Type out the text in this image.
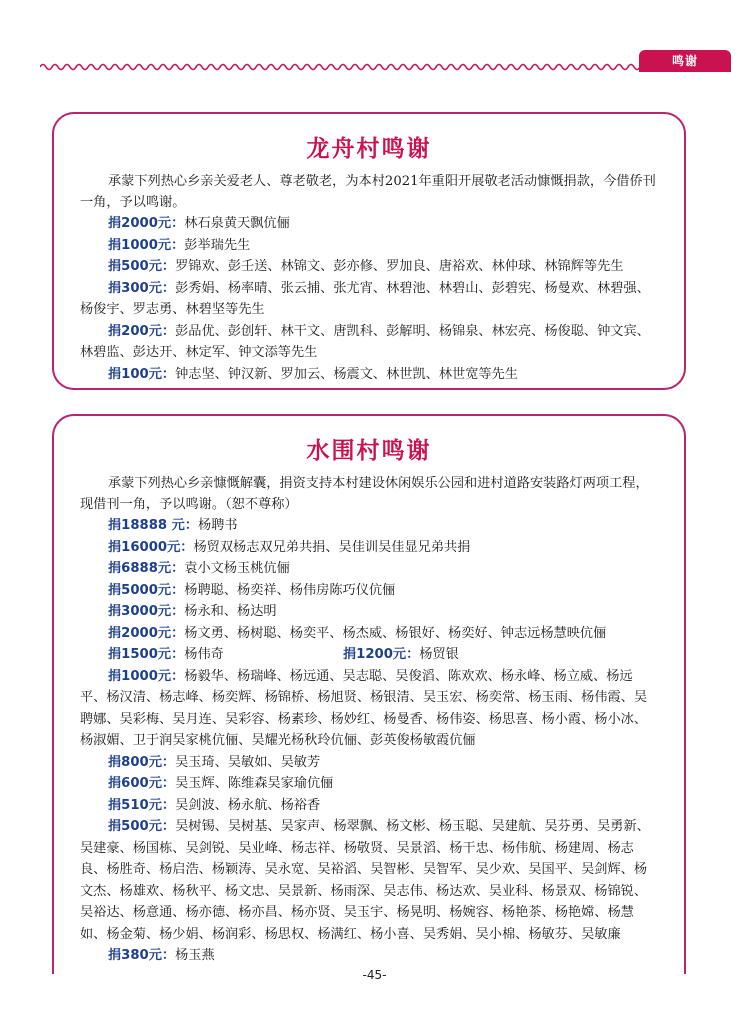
鸣谢
龙舟村鸣谢
承蒙下列热心乡亲关爱老人、尊老敬老，为本村2021年重阳开展敬老活动慷慨捐款，今借侨刊一角，予以鸣谢。
捐2000元：林石泉黄天飘伉俪
捐1000元：彭举瑞先生
捐500元：罗锦欢、彭壬送、林锦文、彭亦修、罗加良、唐裕欢、林仲球、林锦辉等先生
捐300元：彭秀娟、杨率晴、张云捕、张尤宵、林碧池、林碧山、彭碧宪、杨曼欢、林碧强、杨俊宇、罗志勇、林碧坚等先生
捐200元：彭品优、彭创轩、林干文、唐凯科、彭解明、杨锦泉、林宏亮、杨俊聪、钟文宾、林碧监、彭达开、林定军、钟文添等先生
捐100元：钟志坚、钟汉新、罗加云、杨震文、林世凯、林世宽等先生
水围村鸣谢
承蒙下列热心乡亲慷慨解囊，捐资支持本村建设休闲娱乐公园和进村道路安装路灯两项工程，现借刊一角，予以鸣谢。（恕不尊称）
捐18888 元：杨聘书
捐16000元：杨贸双杨志双兄弟共捐、吴佳训吴佳显兄弟共捐
捐6888元：袁小文杨玉桃伉俪
捐5000元：杨聘聪、杨奕祥、杨伟房陈巧仪伉俪
捐3000元：杨永和、杨达明
捐2000元：杨文勇、杨树聪、杨奕平、杨杰威、杨银好、杨奕好、钟志远杨慧映伉俪
捐1500元：杨伟奇	捐1200元：杨贸银
捐1000元：杨毅华、杨瑞峰、杨远通、吴志聪、吴俊滔、陈欢欢、杨永峰、杨立威、杨远平、杨汉清、杨志峰、杨奕辉、杨锦桥、杨旭贤、杨银清、吴玉宏、杨奕常、杨玉雨、杨伟霞、吴聘娜、吴彩梅、吴月连、吴彩容、杨素珍、杨妙红、杨曼香、杨伟姿、杨思喜、杨小霞、杨小冰、杨淑媚、卫于润吴家桃伉俪、吴耀光杨秋玲伉俪、彭英俊杨敏霞伉俪
捐800元：吴玉琦、吴敏如、吴敏芳
捐600元：吴玉辉、陈维森吴家瑜伉俪
捐510元：吴剑波、杨永航、杨裕香
捐500元：吴树锡、吴树基、吴家声、杨翠飘、杨文彬、杨玉聪、吴建航、吴芬勇、吴勇新、吴建豪、杨国栋、吴剑锐、吴业峰、杨志祥、杨敬贤、吴景滔、杨干忠、杨伟航、杨建周、杨志良、杨胜奇、杨启浩、杨颖涛、吴永宽、吴裕滔、吴智彬、吴智军、吴少欢、吴国平、吴剑辉、杨文杰、杨雄欢、杨秋平、杨文忠、吴景新、杨雨深、吴志伟、杨达欢、吴业科、杨景双、杨锦锐、吴裕达、杨意通、杨亦德、杨亦昌、杨亦贤、吴玉宇、杨晃明、杨婉容、杨艳茶、杨艳嫦、杨慧如、杨金菊、杨少娟、杨润彩、杨思权、杨满红、杨小喜、吴秀娟、吴小棉、杨敏芬、吴敏廉
捐380元：杨玉燕
-45-
